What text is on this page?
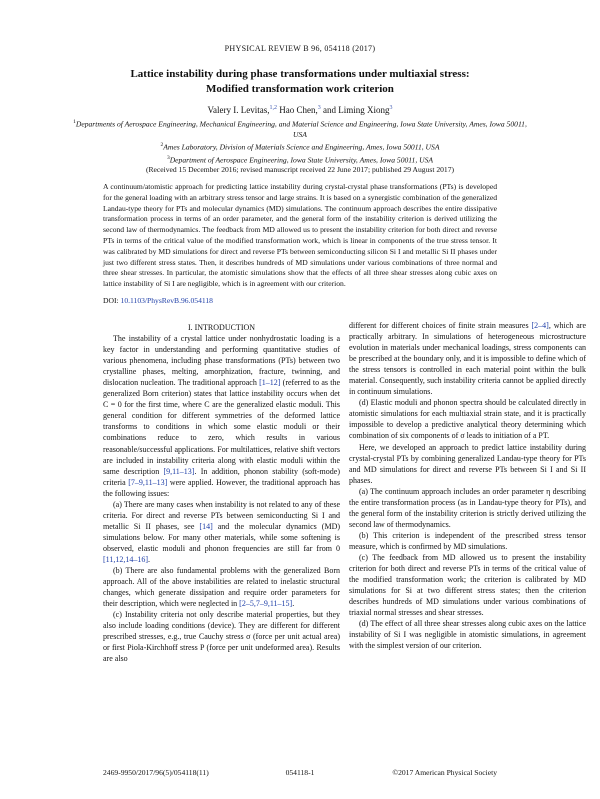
PHYSICAL REVIEW B 96, 054118 (2017)
Lattice instability during phase transformations under multiaxial stress:
Modified transformation work criterion
Valery I. Levitas,$^{1,2}$ Hao Chen,$^3$ and Liming Xiong$^3$
$^1$Departments of Aerospace Engineering, Mechanical Engineering, and Material Science and Engineering, Iowa State University, Ames, Iowa 50011, USA
$^2$Ames Laboratory, Division of Materials Science and Engineering, Ames, Iowa 50011, USA
$^3$Department of Aerospace Engineering, Iowa State University, Ames, Iowa 50011, USA
(Received 15 December 2016; revised manuscript received 22 June 2017; published 29 August 2017)
A continuum/atomistic approach for predicting lattice instability during crystal-crystal phase transformations (PTs) is developed for the general loading with an arbitrary stress tensor and large strains. It is based on a synergistic combination of the generalized Landau-type theory for PTs and molecular dynamics (MD) simulations. The continuum approach describes the entire dissipative transformation process in terms of an order parameter, and the general form of the instability criterion is derived utilizing the second law of thermodynamics. The feedback from MD allowed us to present the instability criterion for both direct and reverse PTs in terms of the critical value of the modified transformation work, which is linear in components of the true stress tensor. It was calibrated by MD simulations for direct and reverse PTs between semiconducting silicon Si I and metallic Si II phases under just two different stress states. Then, it describes hundreds of MD simulations under various combinations of three normal and three shear stresses. In particular, the atomistic simulations show that the effects of all three shear stresses along cubic axes on lattice instability of Si I are negligible, which is in agreement with our criterion.
DOI: 10.1103/PhysRevB.96.054118

I. INTRODUCTION

The instability of a crystal lattice under nonhydrostatic loading is a key factor in understanding and performing quantitative studies of various phenomena, including phase transformations (PTs) between two crystalline phases, melting, amorphization, fracture, twinning, and dislocation nucleation. The traditional approach [1–12] (referred to as the generalized Born criterion) states that lattice instability occurs when det C = 0 for the first time, where C are the generalized elastic moduli. This general condition for different symmetries of the deformed lattice transforms to conditions in which some elastic moduli or their combinations reduce to zero, which results in various reasonable/successful applications. For multilattices, relative shift vectors are included in instability criteria along with elastic moduli within the same description [9,11–13]. In addition, phonon stability (soft-mode) criteria [7–9,11–13] were applied. However, the traditional approach has the following issues:

(a) There are many cases when instability is not related to any of these criteria. For direct and reverse PTs between semiconducting Si I and metallic Si II phases, see [14] and the molecular dynamics (MD) simulations below. For many other materials, while some softening is observed, elastic moduli and phonon frequencies are still far from 0 [11,12,14–16].

(b) There are also fundamental problems with the generalized Born approach. All of the above instabilities are related to inelastic structural changes, which generate dissipation and require order parameters for their description, which were neglected in [2–5,7–9,11–15].

(c) Instability criteria not only describe material properties, but they also include loading conditions (device). They are different for different prescribed stresses, e.g., true Cauchy stress σ (force per unit actual area) or first Piola-Kirchhoff stress P (force per unit undeformed area). Results are also

different for different choices of finite strain measures [2–4], which are practically arbitrary. In simulations of heterogeneous microstructure evolution in materials under mechanical loadings, stress components can be prescribed at the boundary only, and it is impossible to define which of the stress tensors is controlled in each material point within the bulk material. Consequently, such instability criteria cannot be applied directly in continuum simulations.

(d) Elastic moduli and phonon spectra should be calculated directly in atomistic simulations for each multiaxial strain state, and it is practically impossible to develop a predictive analytical theory determining which combination of six components of σ leads to initiation of a PT.

Here, we developed an approach to predict lattice instability during crystal-crystal PTs by combining generalized Landau-type theory for PTs and MD simulations for direct and reverse PTs between Si I and Si II phases.

(a) The continuum approach includes an order parameter η describing the entire transformation process (as in Landau-type theory for PTs), and the general form of the instability criterion is strictly derived utilizing the second law of thermodynamics.

(b) This criterion is independent of the prescribed stress tensor measure, which is confirmed by MD simulations.

(c) The feedback from MD allowed us to present the instability criterion for both direct and reverse PTs in terms of the critical value of the modified transformation work; the criterion is calibrated by MD simulations for Si at two different stress states; then the criterion describes hundreds of MD simulations under various combinations of triaxial normal stresses and shear stresses.

(d) The effect of all three shear stresses along cubic axes on the lattice instability of Si I was negligible in atomistic simulations, in agreement with the simplest version of our criterion.

2469-9950/2017/96(5)/054118(11)	054118-1	©2017 American Physical Society
